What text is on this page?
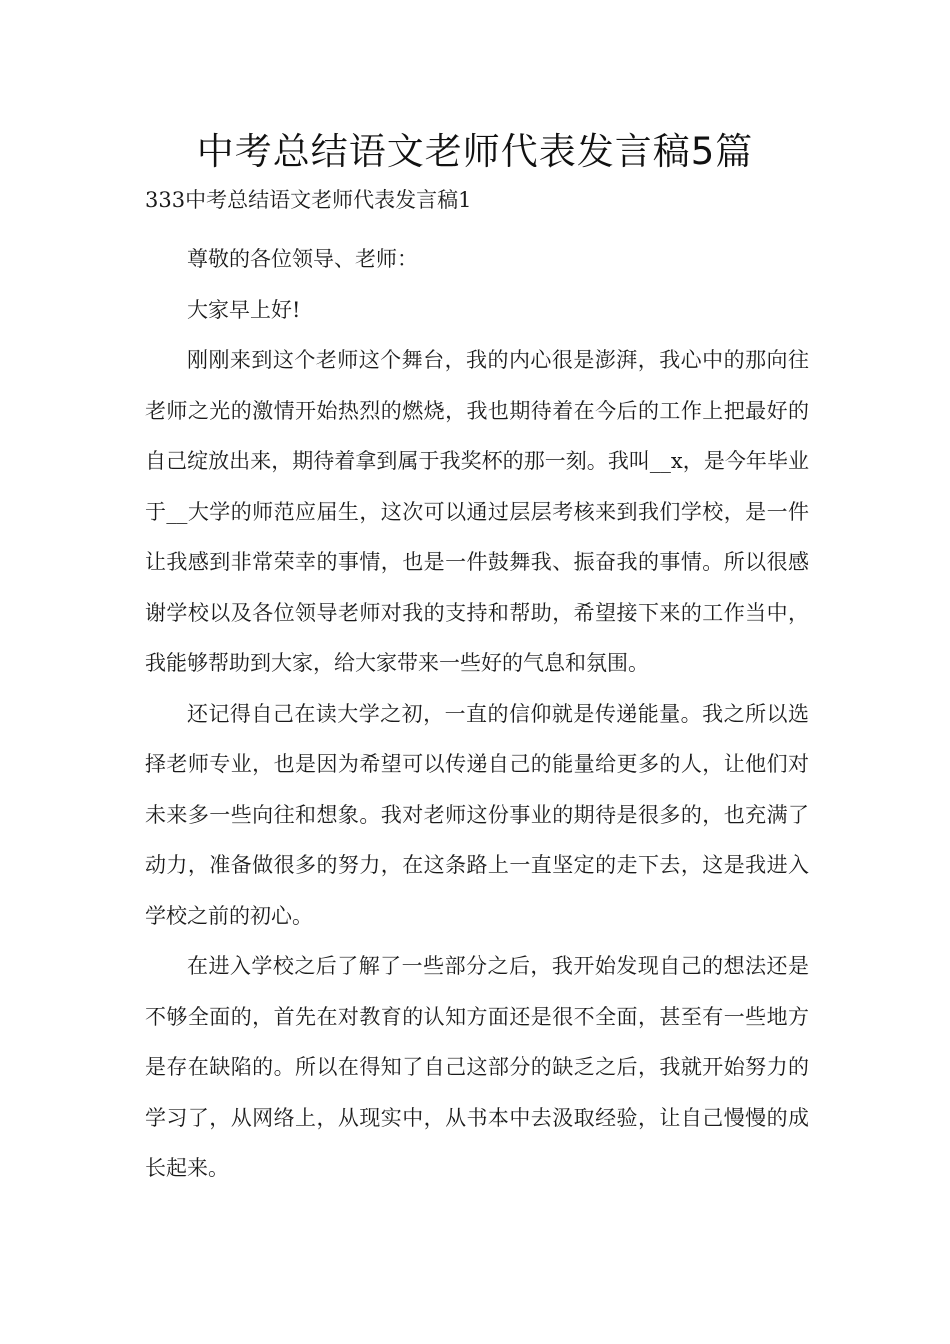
中考总结语文老师代表发言稿5篇
333中考总结语文老师代表发言稿1

尊敬的各位领导、老师：

大家早上好!

刚刚来到这个老师这个舞台，我的内心很是澎湃，我心中的那向往老师之光的激情开始热烈的燃烧，我也期待着在今后的工作上把最好的自己绽放出来，期待着拿到属于我奖杯的那一刻。我叫__x，是今年毕业于__大学的师范应届生，这次可以通过层层考核来到我们学校，是一件让我感到非常荣幸的事情，也是一件鼓舞我、振奋我的事情。所以很感谢学校以及各位领导老师对我的支持和帮助，希望接下来的工作当中，我能够帮助到大家，给大家带来一些好的气息和氛围。

还记得自己在读大学之初，一直的信仰就是传递能量。我之所以选择老师专业，也是因为希望可以传递自己的能量给更多的人，让他们对未来多一些向往和想象。我对老师这份事业的期待是很多的，也充满了动力，准备做很多的努力，在这条路上一直坚定的走下去，这是我进入学校之前的初心。

在进入学校之后了解了一些部分之后，我开始发现自己的想法还是不够全面的，首先在对教育的认知方面还是很不全面，甚至有一些地方是存在缺陷的。所以在得知了自己这部分的缺乏之后，我就开始努力的学习了，从网络上，从现实中，从书本中去汲取经验，让自己慢慢的成长起来。
